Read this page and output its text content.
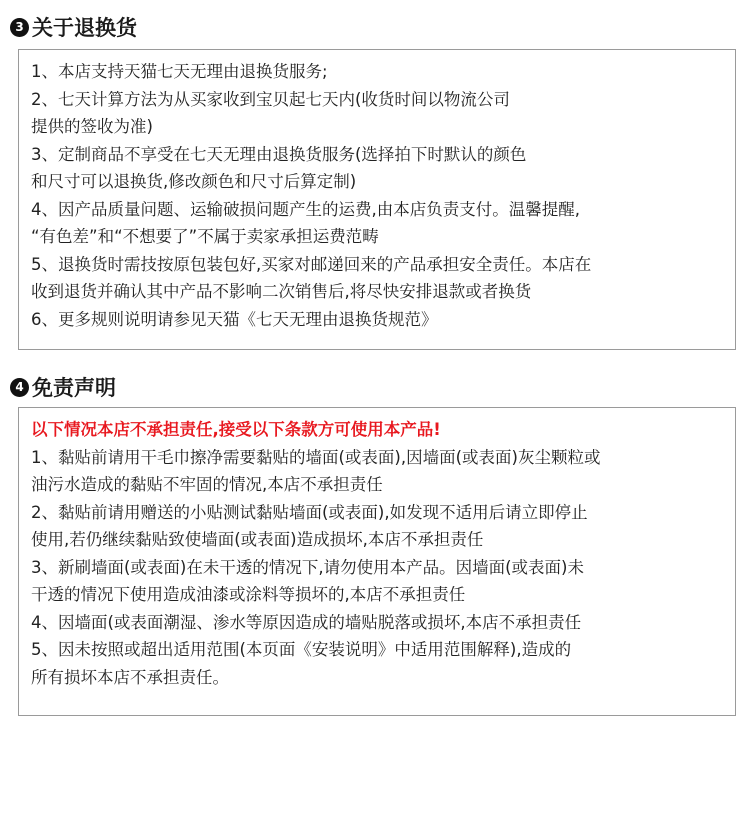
3 关于退换货
1、本店支持天猫七天无理由退换货服务;
2、七天计算方法为从买家收到宝贝起七天内(收货时间以物流公司
提供的签收为准)
3、定制商品不享受在七天无理由退换货服务(选择拍下时默认的颜色
和尺寸可以退换货,修改颜色和尺寸后算定制)
4、因产品质量问题、运输破损问题产生的运费,由本店负责支付。温馨提醒,
“有色差”和“不想要了”不属于卖家承担运费范畴
5、退换货时需技按原包装包好,买家对邮递回来的产品承担安全责任。本店在
收到退货并确认其中产品不影响二次销售后,将尽快安排退款或者换货
6、更多规则说明请参见天猫《七天无理由退换货规范》
4 免责声明
以下情况本店不承担责任,接受以下条款方可使用本产品!
1、黏贴前请用干毛巾擦净需要黏贴的墙面(或表面),因墙面(或表面)灰尘颗粒或
油污水造成的黏贴不牢固的情况,本店不承担责任
2、黏贴前请用赠送的小贴测试黏贴墙面(或表面),如发现不适用后请立即停止
使用,若仍继续黏贴致使墙面(或表面)造成损坏,本店不承担责任
3、新刷墙面(或表面)在未干透的情况下,请勿使用本产品。因墙面(或表面)未
干透的情况下使用造成油漆或涂料等损坏的,本店不承担责任
4、因墙面(或表面潮湿、渗水等原因造成的墙贴脱落或损坏,本店不承担责任
5、因未按照或超出适用范围(本页面《安装说明》中适用范围解释),造成的
所有损坏本店不承担责任。
